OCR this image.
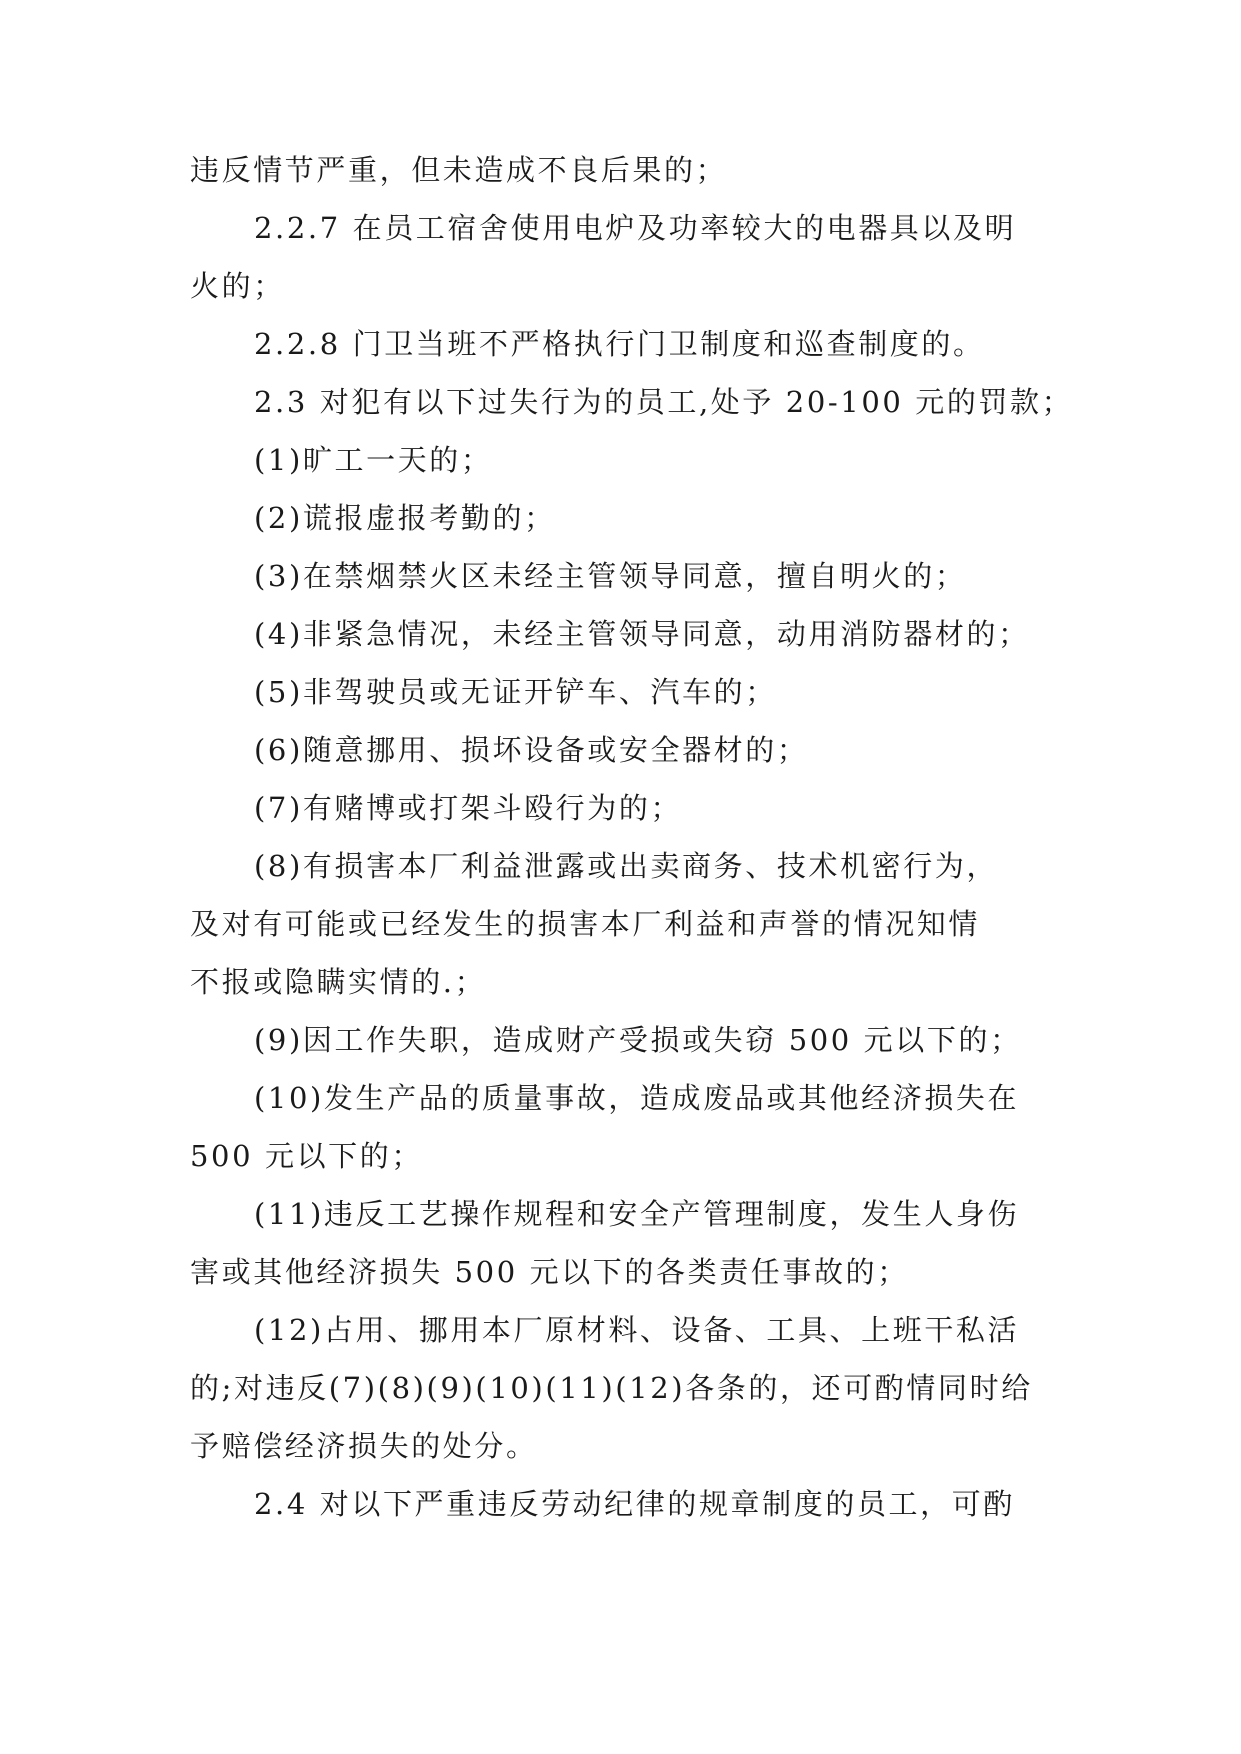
违反情节严重，但未造成不良后果的；
2.2.7 在员工宿舍使用电炉及功率较大的电器具以及明
火的；
2.2.8 门卫当班不严格执行门卫制度和巡查制度的。
2.3 对犯有以下过失行为的员工,处予 20-100 元的罚款；
(1)旷工一天的；
(2)谎报虚报考勤的；
(3)在禁烟禁火区未经主管领导同意，擅自明火的；
(4)非紧急情况，未经主管领导同意，动用消防器材的；
(5)非驾驶员或无证开铲车、汽车的；
(6)随意挪用、损坏设备或安全器材的；
(7)有赌博或打架斗殴行为的；
(8)有损害本厂利益泄露或出卖商务、技术机密行为，
及对有可能或已经发生的损害本厂利益和声誉的情况知情
不报或隐瞒实情的.；
(9)因工作失职，造成财产受损或失窃 500 元以下的；
(10)发生产品的质量事故，造成废品或其他经济损失在
500 元以下的；
(11)违反工艺操作规程和安全产管理制度，发生人身伤
害或其他经济损失 500 元以下的各类责任事故的；
(12)占用、挪用本厂原材料、设备、工具、上班干私活
的;对违反(7)(8)(9)(10)(11)(12)各条的，还可酌情同时给
予赔偿经济损失的处分。
2.4 对以下严重违反劳动纪律的规章制度的员工，可酌
